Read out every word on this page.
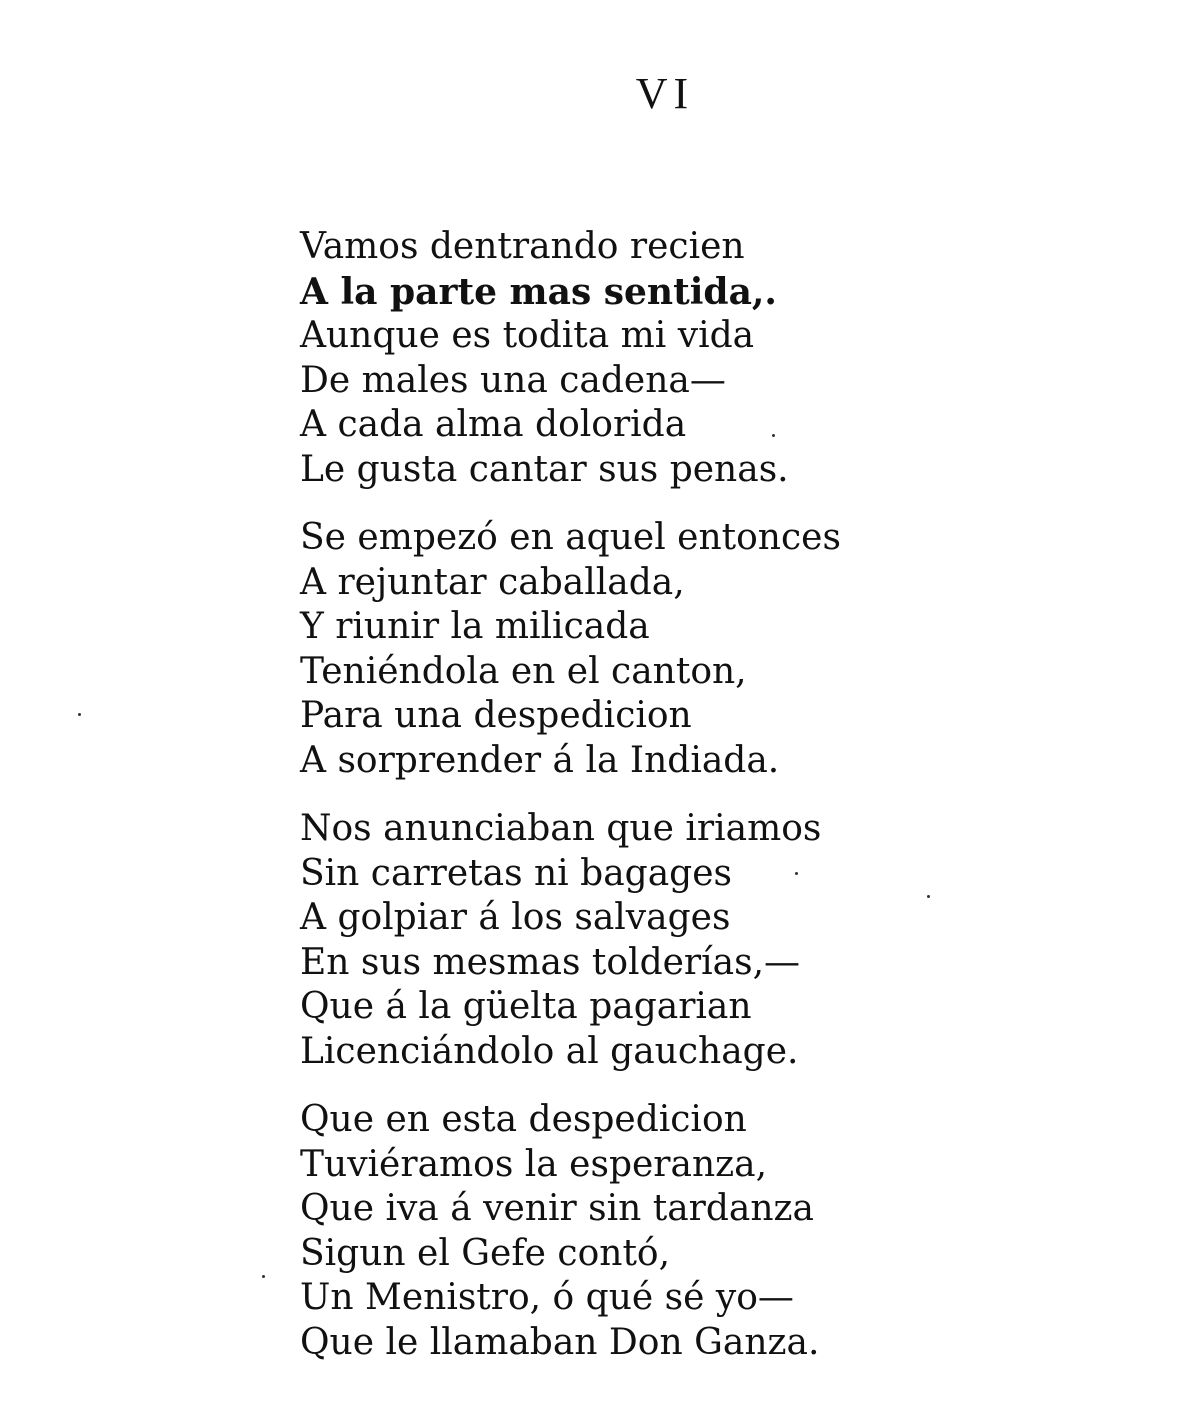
VI
Vamos dentrando recien
A la parte mas sentida,.
Aunque es todita mi vida
De males una cadena—
A cada alma dolorida
Le gusta cantar sus penas.
Se empezó en aquel entonces
A rejuntar caballada,
Y riunir la milicada
Teniéndola en el canton,
Para una despedicion
A sorprender á la Indiada.
Nos anunciaban que iriamos
Sin carretas ni bagages
A golpiar á los salvages
En sus mesmas tolderías,—
Que á la güelta pagarian
Licenciándolo al gauchage.
Que en esta despedicion
Tuviéramos la esperanza,
Que iva á venir sin tardanza
Sigun el Gefe contó,
Un Menistro, ó qué sé yo—
Que le llamaban Don Ganza.
